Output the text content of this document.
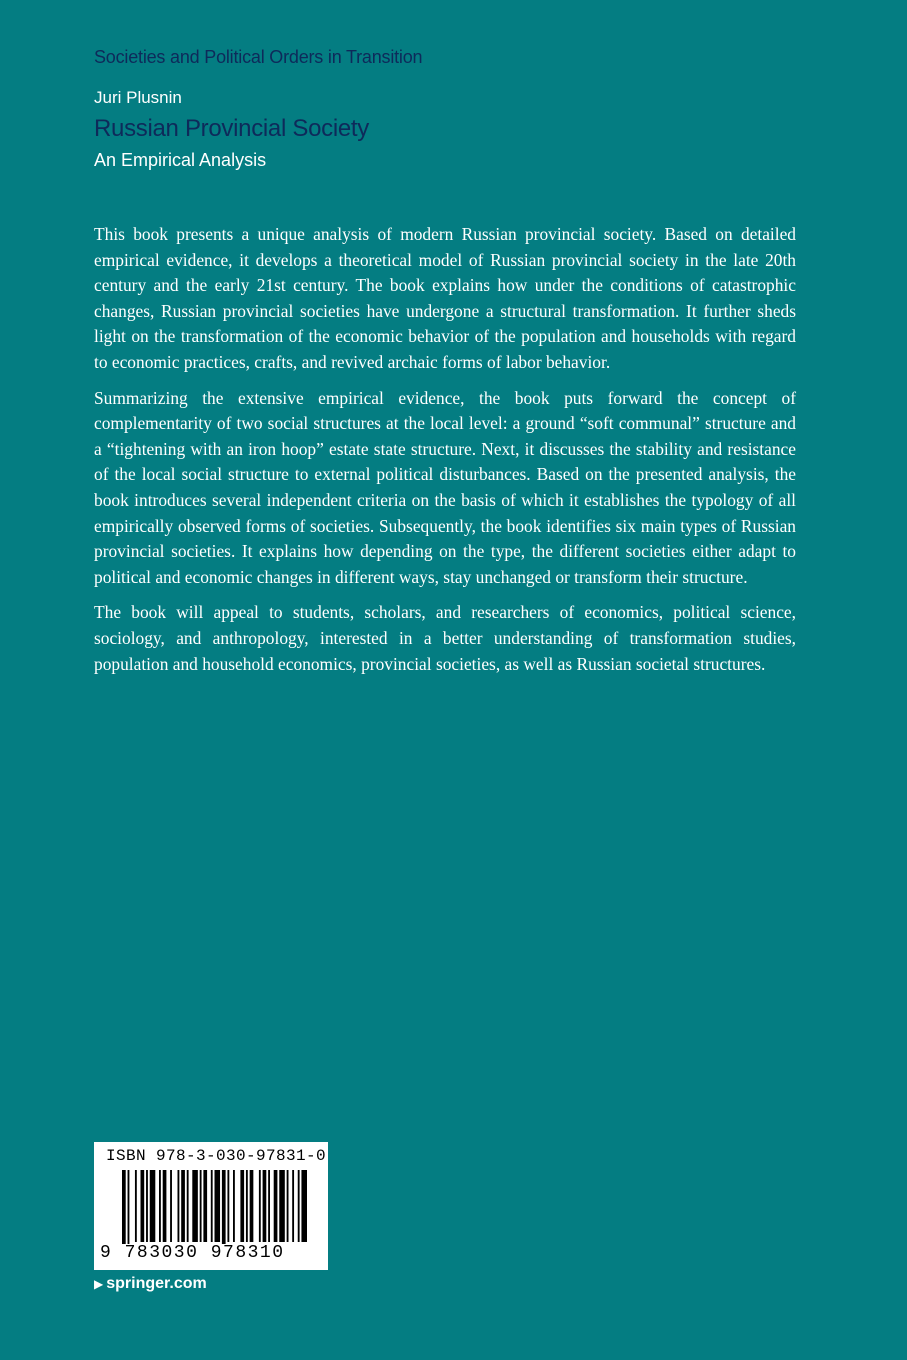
Societies and Political Orders in Transition
Juri Plusnin
Russian Provincial Society
An Empirical Analysis

This book presents a unique analysis of modern Russian provincial society. Based on detailed empirical evidence, it develops a theoretical model of Russian provincial society in the late 20th century and the early 21st century. The book explains how under the conditions of catastrophic changes, Russian provincial societies have undergone a structural transformation. It further sheds light on the transformation of the economic behavior of the population and households with regard to economic practices, crafts, and revived archaic forms of labor behavior.

Summarizing the extensive empirical evidence, the book puts forward the concept of complementarity of two social structures at the local level: a ground “soft communal” structure and a “tightening with an iron hoop” estate state structure. Next, it discusses the stability and resistance of the local social structure to external political disturbances. Based on the presented analysis, the book introduces several independent criteria on the basis of which it establishes the typology of all empirically observed forms of societies. Subsequently, the book identifies six main types of Russian provincial societies. It explains how depending on the type, the different societies either adapt to political and economic changes in different ways, stay unchanged or transform their structure.

The book will appeal to students, scholars, and researchers of economics, political science, sociology, and anthropology, interested in a better understanding of transformation studies, population and household economics, provincial societies, as well as Russian societal structures.

ISBN 978-3-030-97831-0
9 783030 978310
▶ springer.com
